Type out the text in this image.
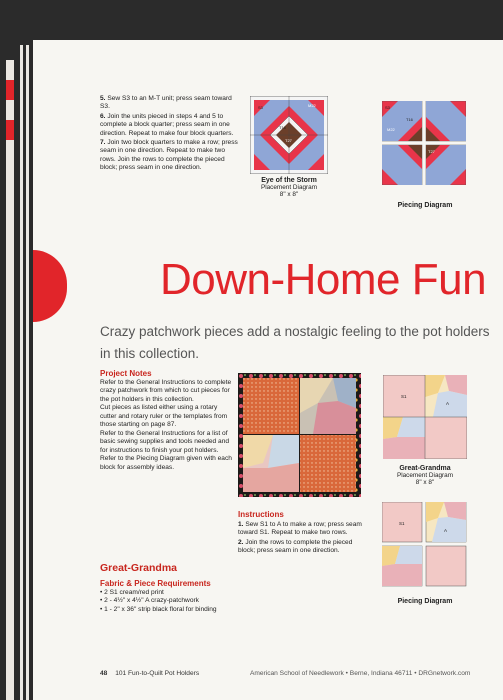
5. Sew S3 to an M-T unit; press seam toward S3.

6. Join the units pieced in steps 4 and 5 to complete a block quarter; press seam in one direction. Repeat to make four block quarters.

7. Join two block quarters to make a row; press seam in one direction. Repeat to make two rows. Join the rows to complete the pieced block; press seam in one direction.

S3	M22
T16
T27
Eye of the Storm
Placement Diagram
8" x 8"
S3
M22
T16
T27
Piecing Diagram
Down-Home Fun
Crazy patchwork pieces add a nostalgic feeling to the pot holders in this collection.

Project Notes

Refer to the General Instructions to complete crazy patchwork from which to cut pieces for the pot holders in this collection.

Cut pieces as listed either using a rotary cutter and rotary ruler or the templates from those starting on page 87.

Refer to the General Instructions for a list of basic sewing supplies and tools needed and for instructions to finish your pot holders.

Refer to the Piecing Diagram given with each block for assembly ideas.

Great-Grandma

Fabric & Piece Requirements

• 2 S1 cream/red print
• 2 - 4½" x 4½" A crazy-patchwork
• 1 - 2" x 36" strip black floral for binding

Instructions

1. Sew S1 to A to make a row; press seam toward S1. Repeat to make two rows.

2. Join the rows to complete the pieced block; press seam in one direction.

S1
A
Great-Grandma
Placement Diagram
8" x 8"
S1
A
Piecing Diagram
48 101 Fun-to-Quilt Pot Holders	American School of Needlework • Berne, Indiana 46711 • DRGnetwork.com
